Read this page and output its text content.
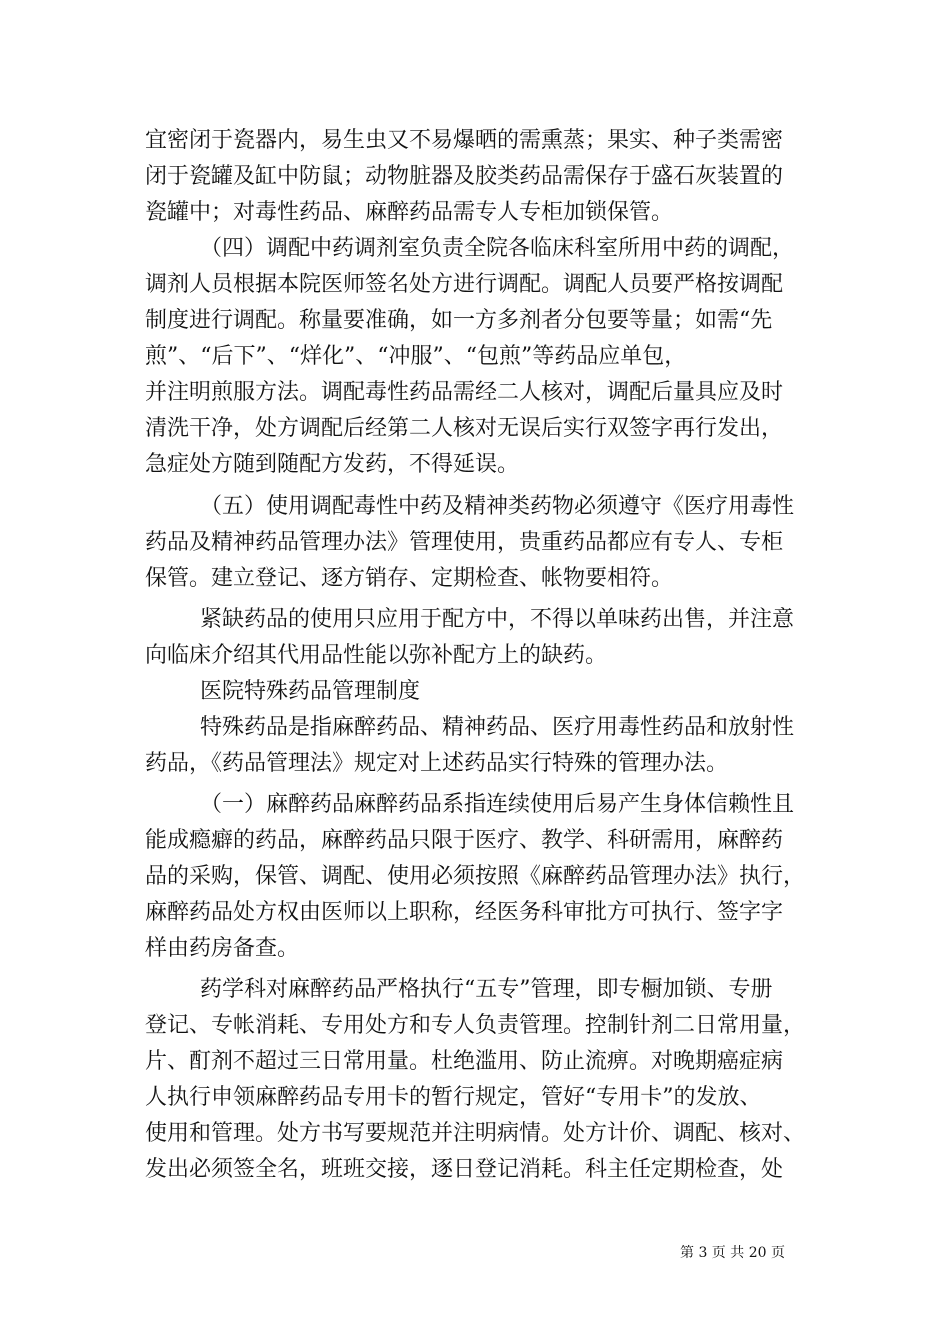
宜密闭于瓷器内，易生虫又不易爆晒的需熏蒸；果实、种子类需密
闭于瓷罐及缸中防鼠；动物脏器及胶类药品需保存于盛石灰装置的
瓷罐中；对毒性药品、麻醉药品需专人专柜加锁保管。
（四）调配中药调剂室负责全院各临床科室所用中药的调配，
调剂人员根据本院医师签名处方进行调配。调配人员要严格按调配
制度进行调配。称量要准确，如一方多剂者分包要等量；如需“先
煎”、“后下”、“烊化”、“冲服”、“包煎”等药品应单包，
并注明煎服方法。调配毒性药品需经二人核对，调配后量具应及时
清洗干净，处方调配后经第二人核对无误后实行双签字再行发出，
急症处方随到随配方发药，不得延误。
（五）使用调配毒性中药及精神类药物必须遵守《医疗用毒性
药品及精神药品管理办法》管理使用，贵重药品都应有专人、专柜
保管。建立登记、逐方销存、定期检查、帐物要相符。
紧缺药品的使用只应用于配方中，不得以单味药出售，并注意
向临床介绍其代用品性能以弥补配方上的缺药。
医院特殊药品管理制度
特殊药品是指麻醉药品、精神药品、医疗用毒性药品和放射性
药品，《药品管理法》规定对上述药品实行特殊的管理办法。
（一）麻醉药品麻醉药品系指连续使用后易产生身体信赖性且
能成瘾癖的药品，麻醉药品只限于医疗、教学、科研需用，麻醉药
品的采购，保管、调配、使用必须按照《麻醉药品管理办法》执行，
麻醉药品处方权由医师以上职称，经医务科审批方可执行、签字字
样由药房备查。
药学科对麻醉药品严格执行“五专”管理，即专橱加锁、专册
登记、专帐消耗、专用处方和专人负责管理。控制针剂二日常用量，
片、酊剂不超过三日常用量。杜绝滥用、防止流痹。对晚期癌症病
人执行申领麻醉药品专用卡的暂行规定，管好“专用卡”的发放、
使用和管理。处方书写要规范并注明病情。处方计价、调配、核对、
发出必须签全名，班班交接，逐日登记消耗。科主任定期检查，处
第 3 页 共 20 页
